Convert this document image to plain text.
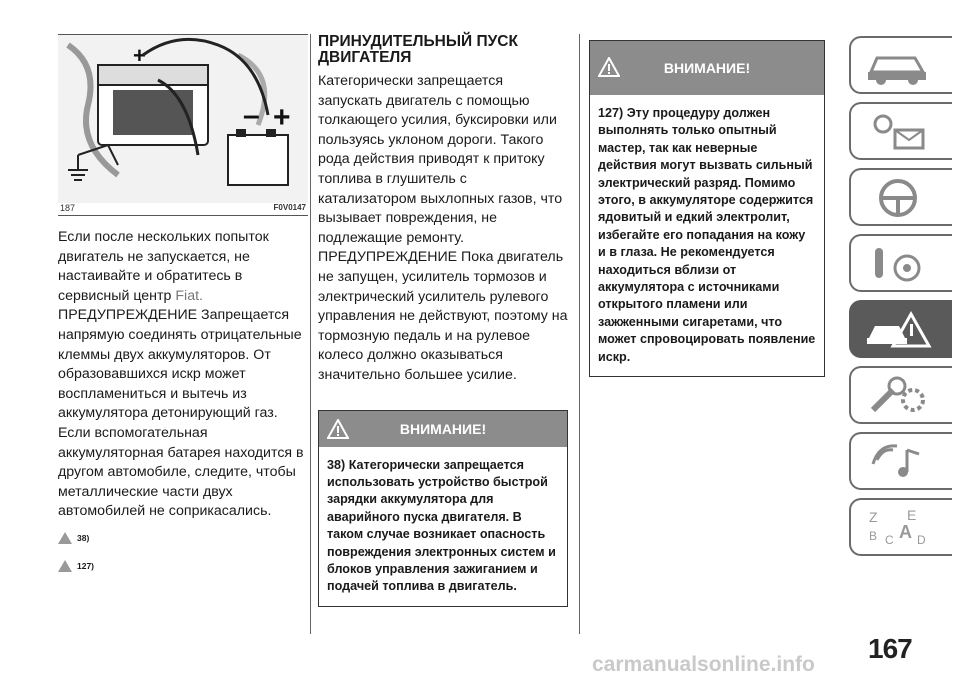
+
– +
187	F0V0147

Если после нескольких попыток двигатель не запускается, не настаивайте и обратитесь в сервисный центр Fiat.

ПРЕДУПРЕЖДЕНИЕ Запрещается напрямую соединять отрицательные клеммы двух аккумуляторов. От образовавшихся искр может воспламениться и вытечь из аккумулятора детонирующий газ. Если вспомогательная аккумуляторная батарея находится в другом автомобиле, следите, чтобы металлические части двух автомобилей не соприкасались.

38)
127)
ПРИНУДИТЕЛЬНЫЙ ПУСК ДВИГАТЕЛЯ

Категорически запрещается запускать двигатель с помощью толкающего усилия, буксировки или пользуясь уклоном дороги. Такого рода действия приводят к притоку топлива в глушитель с катализатором выхлопных газов, что вызывает повреждения, не подлежащие ремонту. ПРЕДУПРЕЖДЕНИЕ Пока двигатель не запущен, усилитель тормозов и электрический усилитель рулевого управления не действуют, поэтому на тормозную педаль и на рулевое колесо должно оказываться значительно большее усилие.

ВНИМАНИЕ!
38) Категорически запрещается использовать устройство быстрой зарядки аккумулятора для аварийного пуска двигателя. В таком случае возникает опасность повреждения электронных систем и блоков управления зажиганием и подачей топлива в двигатель.
ВНИМАНИЕ!
127) Эту процедуру должен выполнять только опытный мастер, так как неверные действия могут вызвать сильный электрический разряд. Помимо этого, в аккумуляторе содержится ядовитый и едкий электролит, избегайте его попадания на кожу и в глаза. Не рекомендуется находиться вблизи от аккумулятора с источниками открытого пламени или зажженными сигаретами, что может спровоцировать появление искр.
Z E
B C A D
167
carmanualsonline.info
